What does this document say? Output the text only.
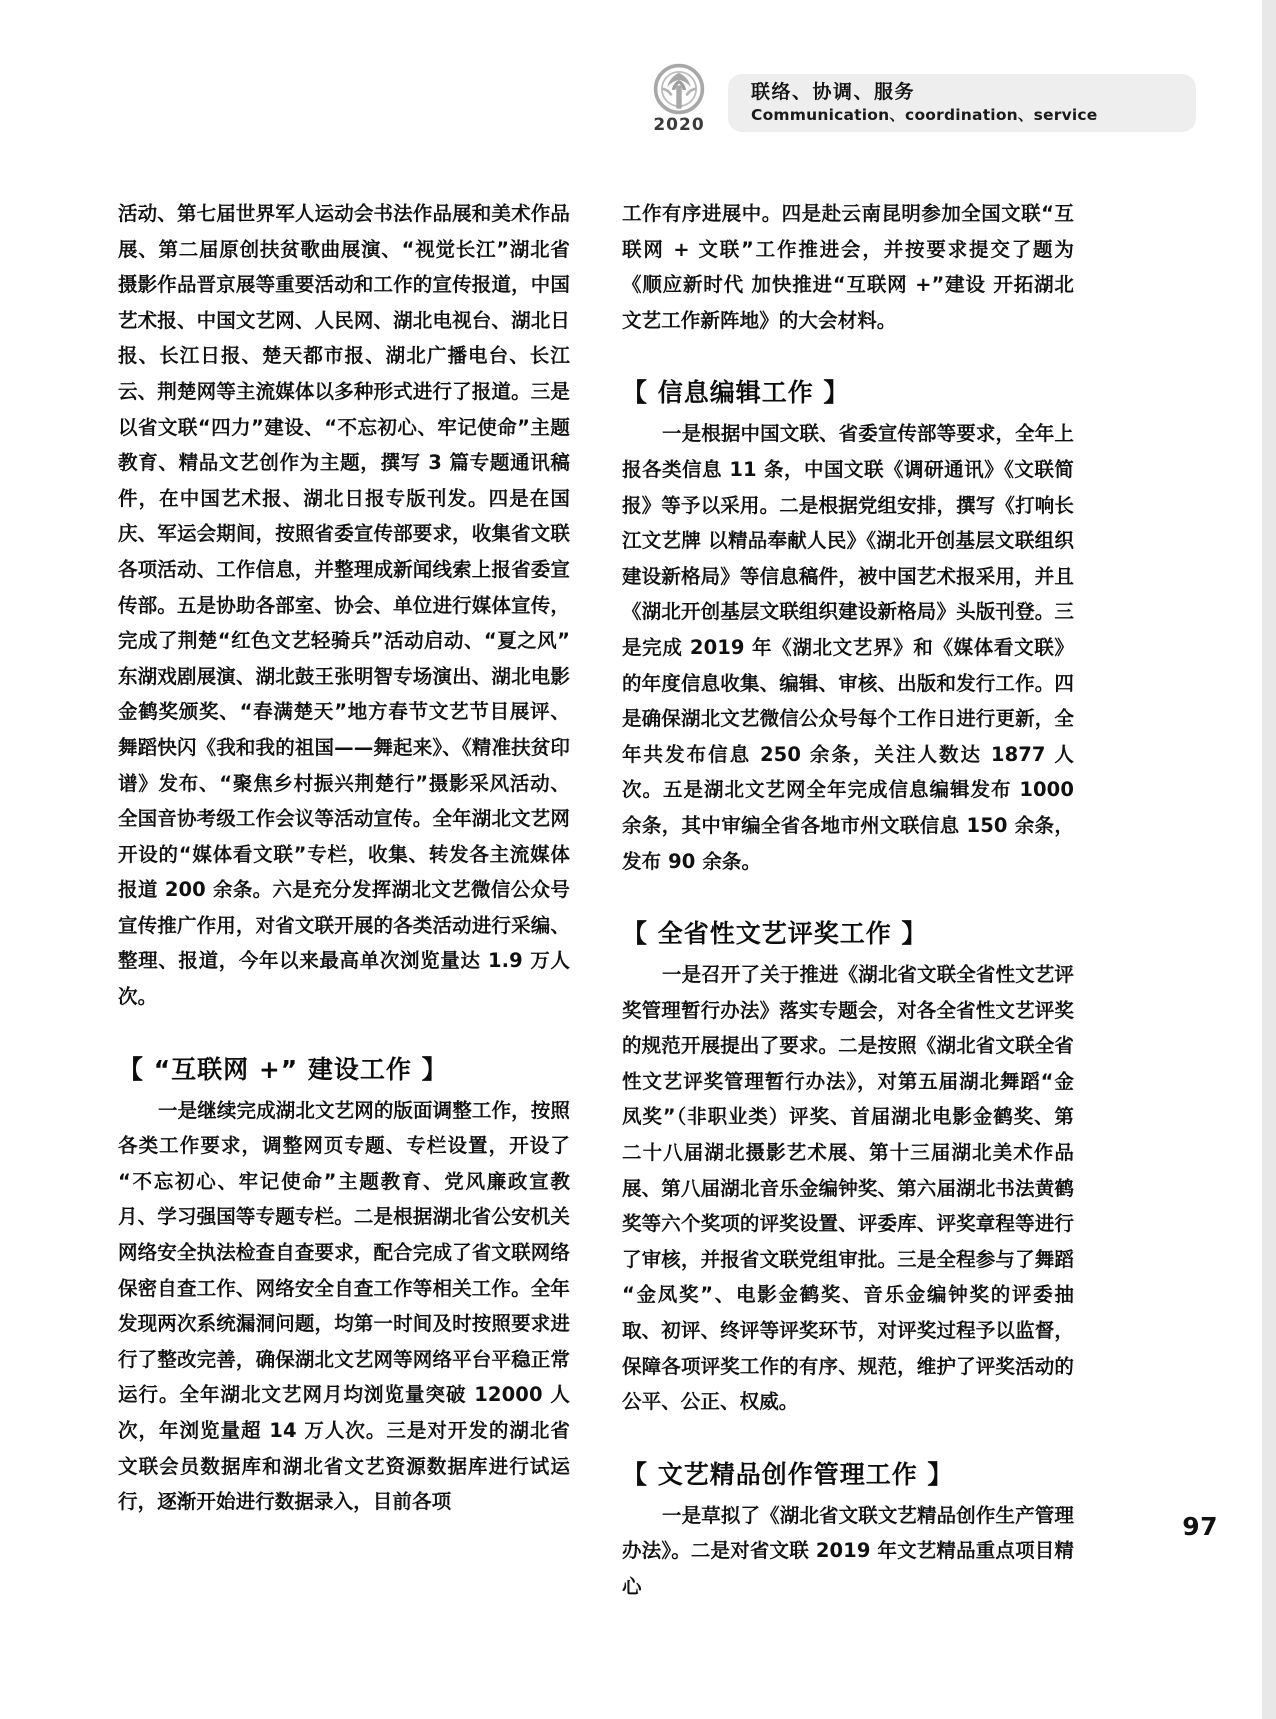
2020
联络、协调、服务
Communication、coordination、service

活动、第七届世界军人运动会书法作品展和美术作品展、第二届原创扶贫歌曲展演、“视觉长江”湖北省摄影作品晋京展等重要活动和工作的宣传报道，中国艺术报、中国文艺网、人民网、湖北电视台、湖北日报、长江日报、楚天都市报、湖北广播电台、长江云、荆楚网等主流媒体以多种形式进行了报道。三是以省文联“四力”建设、“不忘初心、牢记使命”主题教育、精品文艺创作为主题，撰写 3 篇专题通讯稿件，在中国艺术报、湖北日报专版刊发。四是在国庆、军运会期间，按照省委宣传部要求，收集省文联各项活动、工作信息，并整理成新闻线索上报省委宣传部。五是协助各部室、协会、单位进行媒体宣传，完成了荆楚“红色文艺轻骑兵”活动启动、“夏之风”东湖戏剧展演、湖北鼓王张明智专场演出、湖北电影金鹤奖颁奖、“春满楚天”地方春节文艺节目展评、舞蹈快闪《我和我的祖国——舞起来》、《精准扶贫印谱》发布、“聚焦乡村振兴荆楚行”摄影采风活动、全国音协考级工作会议等活动宣传。全年湖北文艺网开设的“媒体看文联”专栏，收集、转发各主流媒体报道 200 余条。六是充分发挥湖北文艺微信公众号宣传推广作用，对省文联开展的各类活动进行采编、整理、报道，今年以来最高单次浏览量达 1.9 万人次。

【 “互联网 +” 建设工作 】

一是继续完成湖北文艺网的版面调整工作，按照各类工作要求，调整网页专题、专栏设置，开设了“不忘初心、牢记使命”主题教育、党风廉政宣教月、学习强国等专题专栏。二是根据湖北省公安机关网络安全执法检查自查要求，配合完成了省文联网络保密自查工作、网络安全自查工作等相关工作。全年发现两次系统漏洞问题，均第一时间及时按照要求进行了整改完善，确保湖北文艺网等网络平台平稳正常运行。全年湖北文艺网月均浏览量突破 12000 人次，年浏览量超 14 万人次。三是对开发的湖北省文联会员数据库和湖北省文艺资源数据库进行试运行，逐渐开始进行数据录入，目前各项

工作有序进展中。四是赴云南昆明参加全国文联“互联网 + 文联”工作推进会，并按要求提交了题为《顺应新时代 加快推进“互联网 +”建设 开拓湖北文艺工作新阵地》的大会材料。

【 信息编辑工作 】

一是根据中国文联、省委宣传部等要求，全年上报各类信息 11 条，中国文联《调研通讯》《文联简报》等予以采用。二是根据党组安排，撰写《打响长江文艺牌 以精品奉献人民》《湖北开创基层文联组织建设新格局》等信息稿件，被中国艺术报采用，并且《湖北开创基层文联组织建设新格局》头版刊登。三是完成 2019 年《湖北文艺界》和《媒体看文联》的年度信息收集、编辑、审核、出版和发行工作。四是确保湖北文艺微信公众号每个工作日进行更新，全年共发布信息 250 余条，关注人数达 1877 人次。五是湖北文艺网全年完成信息编辑发布 1000 余条，其中审编全省各地市州文联信息 150 余条，发布 90 余条。

【 全省性文艺评奖工作 】

一是召开了关于推进《湖北省文联全省性文艺评奖管理暂行办法》落实专题会，对各全省性文艺评奖的规范开展提出了要求。二是按照《湖北省文联全省性文艺评奖管理暂行办法》，对第五届湖北舞蹈“金凤奖”（非职业类）评奖、首届湖北电影金鹤奖、第二十八届湖北摄影艺术展、第十三届湖北美术作品展、第八届湖北音乐金编钟奖、第六届湖北书法黄鹤奖等六个奖项的评奖设置、评委库、评奖章程等进行了审核，并报省文联党组审批。三是全程参与了舞蹈“金凤奖”、电影金鹤奖、音乐金编钟奖的评委抽取、初评、终评等评奖环节，对评奖过程予以监督，保障各项评奖工作的有序、规范，维护了评奖活动的公平、公正、权威。

【 文艺精品创作管理工作 】

一是草拟了《湖北省文联文艺精品创作生产管理办法》。二是对省文联 2019 年文艺精品重点项目精心

97
